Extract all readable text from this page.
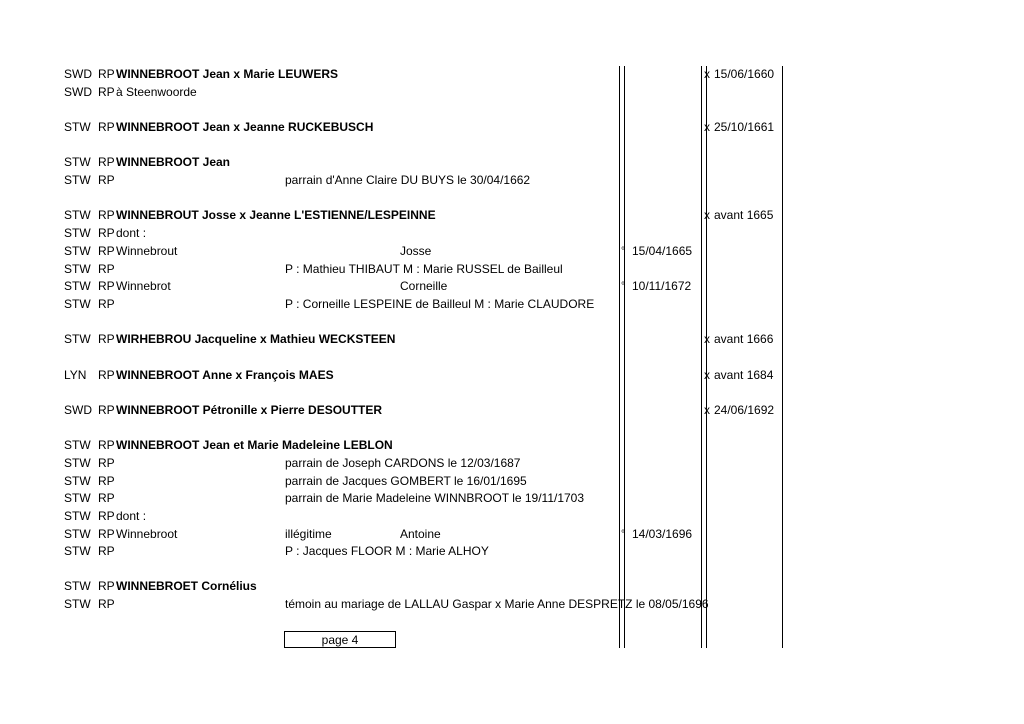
SWD RP WINNEBROOT Jean x Marie LEUWERS	x 15/06/1660
SWD RP à Steenwoorde
STW RP WINNEBROOT Jean x Jeanne RUCKEBUSCH	x 25/10/1661
STW RP WINNEBROOT Jean
STW RP	parrain d'Anne Claire DU BUYS le 30/04/1662
STW RP WINNEBROUT Josse x Jeanne L'ESTIENNE/LESPEINNE	x avant 1665
STW RP dont :
STW RP Winnebrout	Josse	° 15/04/1665
STW RP	P : Mathieu THIBAUT M : Marie RUSSEL de Bailleul
STW RP Winnebrot	Corneille	° 10/11/1672
STW RP	P : Corneille LESPEINE de Bailleul M : Marie CLAUDORE
STW RP WIRHEBROU Jacqueline x Mathieu WECKSTEEN	x avant 1666
LYN RP WINNEBROOT Anne x François MAES	x avant 1684
SWD RP WINNEBROOT Pétronille x Pierre DESOUTTER	x 24/06/1692
STW RP WINNEBROOT Jean et Marie Madeleine LEBLON
STW RP	parrain de Joseph CARDONS le 12/03/1687
STW RP	parrain de Jacques GOMBERT le 16/01/1695
STW RP	parrain de Marie Madeleine WINNBROOT le 19/11/1703
STW RP dont :
STW RP Winnebroot	illégitime	Antoine	° 14/03/1696
STW RP	P : Jacques FLOOR M : Marie ALHOY
STW RP WINNEBROET Cornélius
STW RP	témoin au mariage de LALLAU Gaspar x Marie Anne DESPRETZ le 08/05/1696
page 4
